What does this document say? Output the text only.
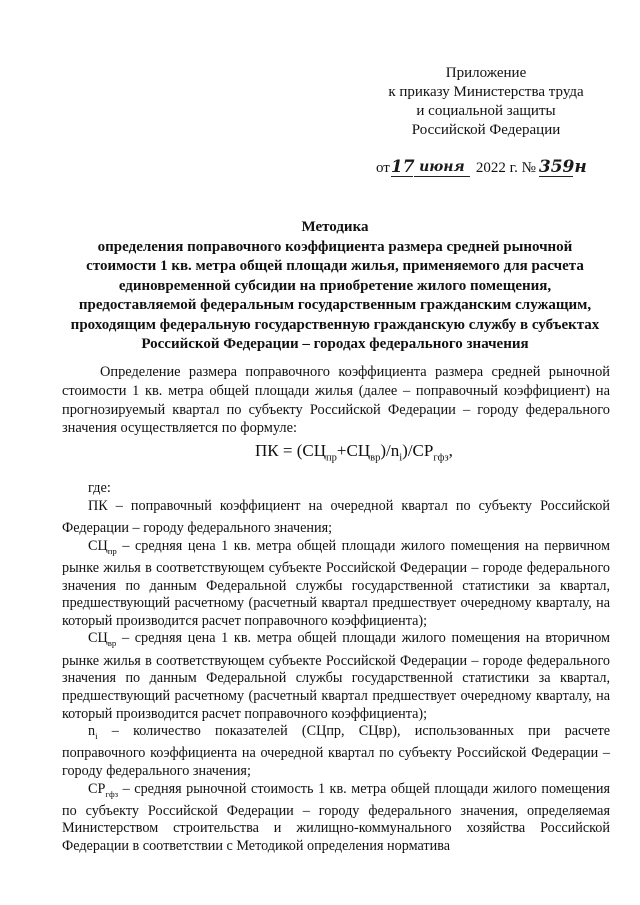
Приложение
к приказу Министерства труда
и социальной защиты
Российской Федерации
от 17 июня 2022 г. № 359н
Методика
определения поправочного коэффициента размера средней рыночной
стоимости 1 кв. метра общей площади жилья, применяемого для расчета
единовременной субсидии на приобретение жилого помещения,
предоставляемой федеральным государственным гражданским служащим,
проходящим федеральную государственную гражданскую службу в субъектах
Российской Федерации – городах федерального значения

Определение размера поправочного коэффициента размера средней рыночной стоимости 1 кв. метра общей площади жилья (далее – поправочный коэффициент) на прогнозируемый квартал по субъекту Российской Федерации – городу федерального значения осуществляется по формуле:

ПК = $(СЦ_{пр}+СЦ_{вр})/n_i)/СР_{гфз}$,
где:

ПК – поправочный коэффициент на очередной квартал по субъекту Российской Федерации – городу федерального значения;

$СЦ_{пр}$ – средняя цена 1 кв. метра общей площади жилого помещения на первичном рынке жилья в соответствующем субъекте Российской Федерации – городе федерального значения по данным Федеральной службы государственной статистики за квартал, предшествующий расчетному (расчетный квартал предшествует очередному кварталу, на который производится расчет поправочного коэффициента);

$СЦ_{вр}$ – средняя цена 1 кв. метра общей площади жилого помещения на вторичном рынке жилья в соответствующем субъекте Российской Федерации – городе федерального значения по данным Федеральной службы государственной статистики за квартал, предшествующий расчетному (расчетный квартал предшествует очередному кварталу, на который производится расчет поправочного коэффициента);

$n_i$ – количество показателей (СЦпр, СЦвр), использованных при расчете поправочного коэффициента на очередной квартал по субъекту Российской Федерации – городу федерального значения;

$СР_{гфз}$ – средняя рыночной стоимость 1 кв. метра общей площади жилого помещения по субъекту Российской Федерации – городу федерального значения, определяемая Министерством строительства и жилищно-коммунального хозяйства Российской Федерации в соответствии с Методикой определения норматива
